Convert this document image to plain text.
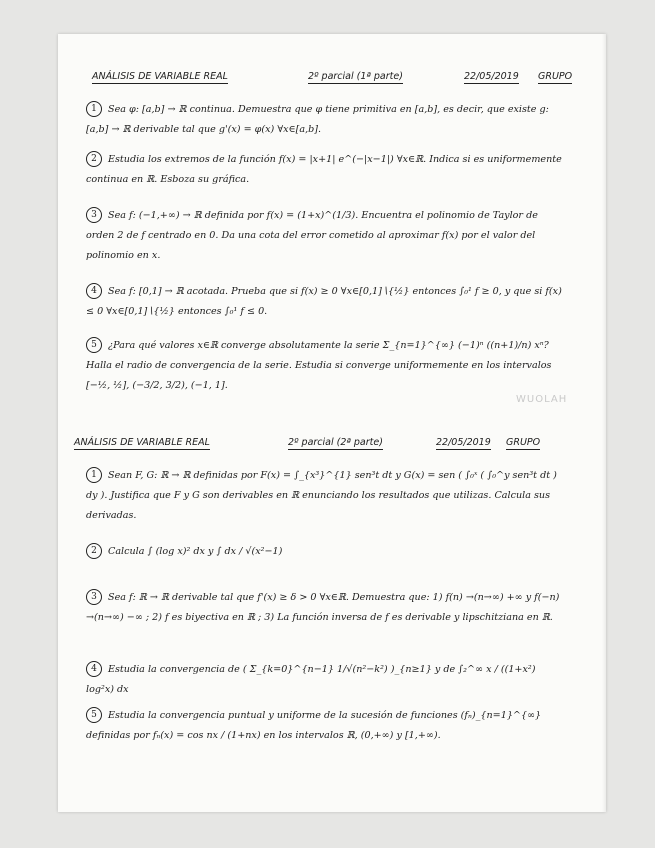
ANÁLISIS DE VARIABLE REAL	2º parcial (1ª parte)	22/05/2019 GRUPO

1 Sea φ: [a,b] → ℝ continua. Demuestra que φ tiene primitiva en [a,b], es decir, que existe g: [a,b] → ℝ derivable tal que g'(x) = φ(x) ∀x∈[a,b].

2 Estudia los extremos de la función f(x) = |x+1| e^(−|x−1|) ∀x∈ℝ. Indica si es uniformemente continua en ℝ. Esboza su gráfica.

3 Sea f: (−1,+∞) → ℝ definida por f(x) = (1+x)^(1/3). Encuentra el polinomio de Taylor de orden 2 de f centrado en 0. Da una cota del error cometido al aproximar f(x) por el valor del polinomio en x.

4 Sea f: [0,1] → ℝ acotada. Prueba que si f(x) ≥ 0 ∀x∈[0,1]∖{½} entonces ∫₀¹ f ≥ 0, y que si f(x) ≤ 0 ∀x∈[0,1]∖{½} entonces ∫₀¹ f ≤ 0.

5 ¿Para qué valores x∈ℝ converge absolutamente la serie Σ_{n=1}^{∞} (−1)ⁿ ((n+1)/n) xⁿ? Halla el radio de convergencia de la serie. Estudia si converge uniformemente en los intervalos [−½, ½], (−3/2, 3/2), (−1, 1].

WUOLAH
ANÁLISIS DE VARIABLE REAL	2º parcial (2ª parte)	22/05/2019 GRUPO

1 Sean F, G: ℝ → ℝ definidas por F(x) = ∫_{x³}^{1} sen³t dt y G(x) = sen ( ∫₀ˣ ( ∫₀^y sen³t dt ) dy ). Justifica que F y G son derivables en ℝ enunciando los resultados que utilizas. Calcula sus derivadas.

2 Calcula ∫ (log x)² dx y ∫ dx / √(x²−1)

3 Sea f: ℝ → ℝ derivable tal que f'(x) ≥ δ > 0 ∀x∈ℝ. Demuestra que: 1) f(n) →(n→∞) +∞ y f(−n) →(n→∞) −∞ ; 2) f es biyectiva en ℝ ; 3) La función inversa de f es derivable y lipschitziana en ℝ.

4 Estudia la convergencia de ( Σ_{k=0}^{n−1} 1/√(n²−k²) )_{n≥1} y de ∫₂^∞ x / ((1+x²) log²x) dx

5 Estudia la convergencia puntual y uniforme de la sucesión de funciones (fₙ)_{n=1}^{∞} definidas por fₙ(x) = cos nx / (1+nx) en los intervalos ℝ, (0,+∞) y [1,+∞).
